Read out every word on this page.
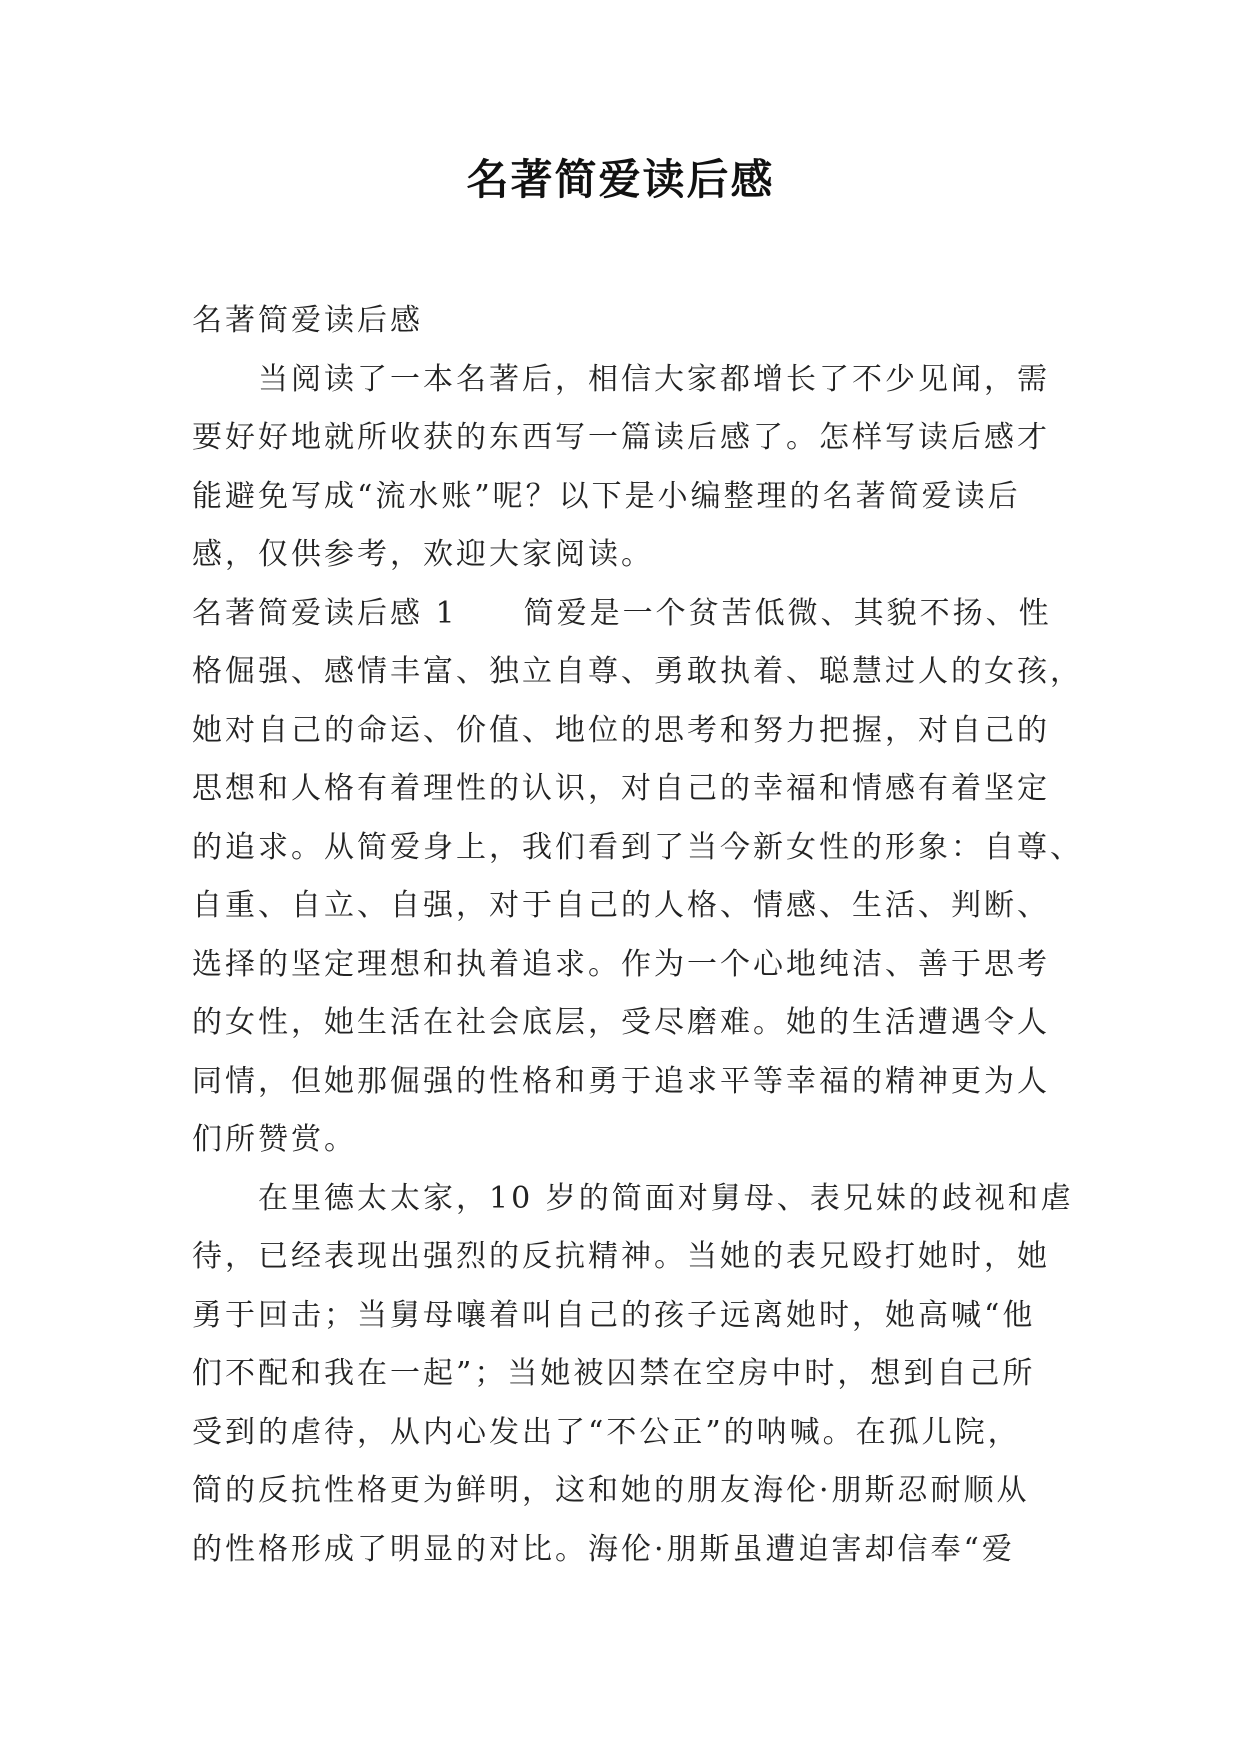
名著简爱读后感
名著简爱读后感
当阅读了一本名著后，相信大家都增长了不少见闻，需
要好好地就所收获的东西写一篇读后感了。怎样写读后感才
能避免写成“流水账”呢？以下是小编整理的名著简爱读后
感，仅供参考，欢迎大家阅读。
名著简爱读后感 1　　简爱是一个贫苦低微、其貌不扬、性
格倔强、感情丰富、独立自尊、勇敢执着、聪慧过人的女孩，
她对自己的命运、价值、地位的思考和努力把握，对自己的
思想和人格有着理性的认识，对自己的幸福和情感有着坚定
的追求。从简爱身上，我们看到了当今新女性的形象：自尊、
自重、自立、自强，对于自己的人格、情感、生活、判断、
选择的坚定理想和执着追求。作为一个心地纯洁、善于思考
的女性，她生活在社会底层，受尽磨难。她的生活遭遇令人
同情，但她那倔强的性格和勇于追求平等幸福的精神更为人
们所赞赏。
在里德太太家，10 岁的简面对舅母、表兄妹的歧视和虐
待，已经表现出强烈的反抗精神。当她的表兄殴打她时，她
勇于回击；当舅母嚷着叫自己的孩子远离她时，她高喊“他
们不配和我在一起”；当她被囚禁在空房中时，想到自己所
受到的虐待，从内心发出了“不公正”的呐喊。在孤儿院，
简的反抗性格更为鲜明，这和她的朋友海伦·朋斯忍耐顺从
的性格形成了明显的对比。海伦·朋斯虽遭迫害却信奉“爱
